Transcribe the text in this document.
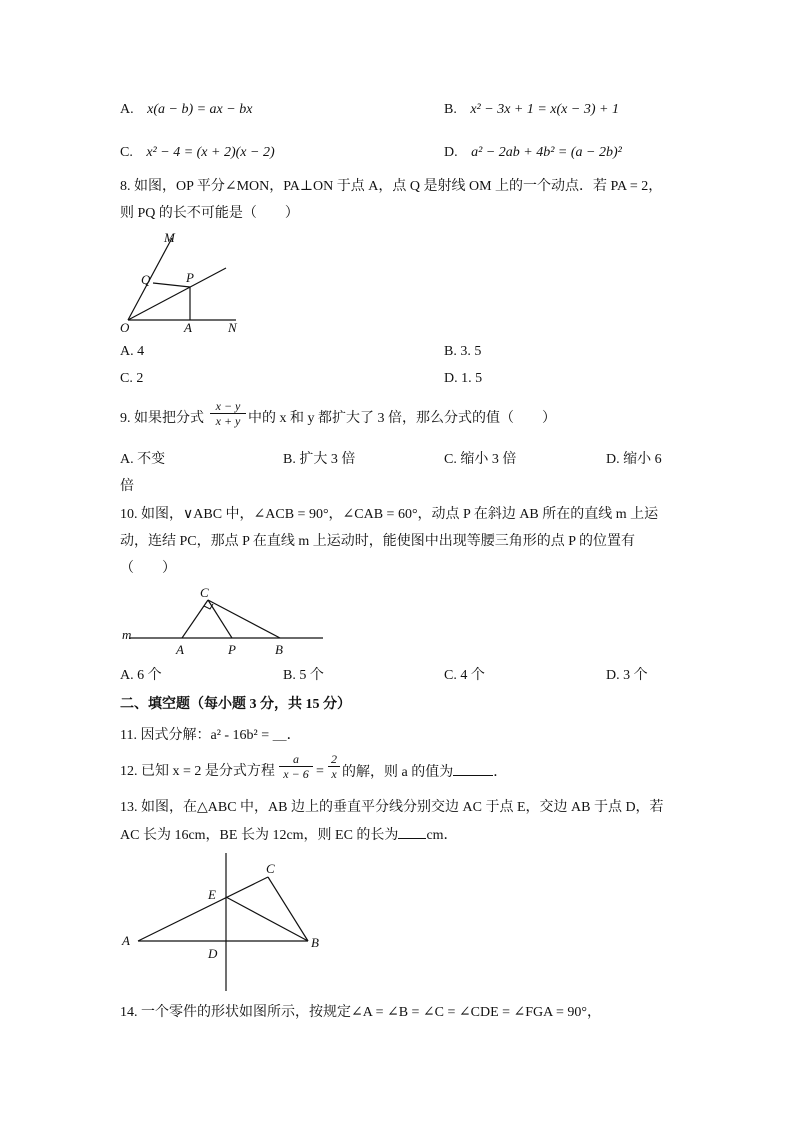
A. x(a − b) = ax − bx	B. x² − 3x + 1 = x(x − 3) + 1
C. x² − 4 = (x + 2)(x − 2)	D. a² − 2ab + 4b² = (a − 2b)²
8. 如图，OP 平分∠MON，PA⊥ON 于点 A，点 Q 是射线 OM 上的一个动点．若 PA = 2，
则 PQ 的长不可能是（　　）
M
Q	P
O	A	N
A. 4	B. 3. 5
C. 2	D. 1. 5
9. 如果把分式 $\frac{x - y}{x + y}$ 中的 x 和 y 都扩大了 3 倍，那么分式的值（　　）
A. 不变	B. 扩大 3 倍	C. 缩小 3 倍	D. 缩小 6
倍
10. 如图，∨ABC 中，∠ACB = 90°，∠CAB = 60°，动点 P 在斜边 AB 所在的直线 m 上运
动，连结 PC，那点 P 在直线 m 上运动时，能使图中出现等腰三角形的点 P 的位置有
（　　）
C
m
A	P	B
A. 6 个	B. 5 个	C. 4 个	D. 3 个
二、填空题（每小题 3 分，共 15 分）
11. 因式分解：a² - 16b² = ＿．
12. 已知 x = 2 是分式方程 $\frac{a}{x - 6} = \frac{2}{x}$ 的解，则 a 的值为	．
13. 如图，在△ABC 中，AB 边上的垂直平分线分别交边 AC 于点 E，交边 AB 于点 D，若
AC 长为 16cm，BE 长为 12cm，则 EC 的长为 cm．
A	B
C
D
E
14. 一个零件的形状如图所示，按规定∠A = ∠B = ∠C = ∠CDE = ∠FGA = 90°，
